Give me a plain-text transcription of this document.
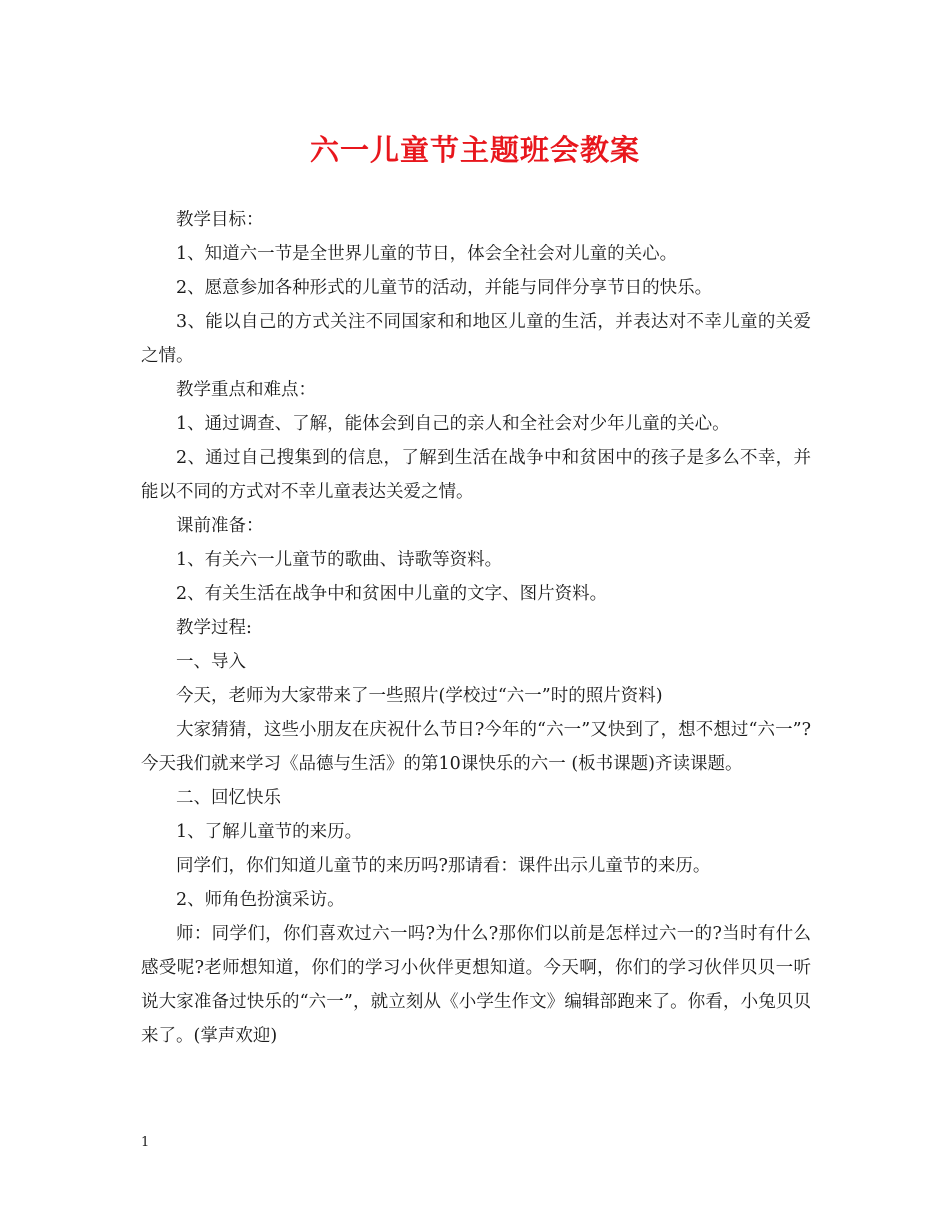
六一儿童节主题班会教案

教学目标：

1、知道六一节是全世界儿童的节日，体会全社会对儿童的关心。

2、愿意参加各种形式的儿童节的活动，并能与同伴分享节日的快乐。

3、能以自己的方式关注不同国家和和地区儿童的生活，并表达对不幸儿童的关爱之情。

教学重点和难点：

1、通过调查、了解，能体会到自己的亲人和全社会对少年儿童的关心。

2、通过自己搜集到的信息，了解到生活在战争中和贫困中的孩子是多么不幸，并能以不同的方式对不幸儿童表达关爱之情。

课前准备：

1、有关六一儿童节的歌曲、诗歌等资料。

2、有关生活在战争中和贫困中儿童的文字、图片资料。

教学过程:

一、导入

今天，老师为大家带来了一些照片(学校过“六一”时的照片资料)

大家猜猜，这些小朋友在庆祝什么节日?今年的“六一”又快到了，想不想过“六一”?今天我们就来学习《品德与生活》的第10课快乐的六一 (板书课题)齐读课题。

二、回忆快乐

1、了解儿童节的来历。

同学们，你们知道儿童节的来历吗?那请看：课件出示儿童节的来历。

2、师角色扮演采访。

师：同学们，你们喜欢过六一吗?为什么?那你们以前是怎样过六一的?当时有什么感受呢?老师想知道，你们的学习小伙伴更想知道。今天啊，你们的学习伙伴贝贝一听说大家准备过快乐的“六一”，就立刻从《小学生作文》编辑部跑来了。你看，小兔贝贝来了。(掌声欢迎)

1
